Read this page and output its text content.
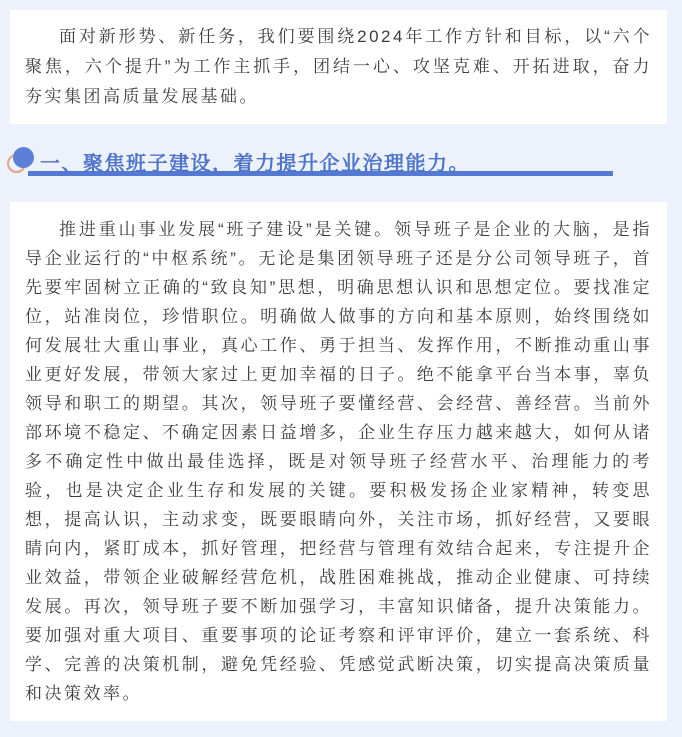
面对新形势、新任务，我们要围绕2024年工作方针和目标，以“六个聚焦，六个提升”为工作主抓手，团结一心、攻坚克难、开拓进取，奋力夯实集团高质量发展基础。

一、聚焦班子建设，着力提升企业治理能力。

推进重山事业发展“班子建设”是关键。领导班子是企业的大脑，是指导企业运行的“中枢系统”。无论是集团领导班子还是分公司领导班子，首先要牢固树立正确的“致良知”思想，明确思想认识和思想定位。要找准定位，站准岗位，珍惜职位。明确做人做事的方向和基本原则，始终围绕如何发展壮大重山事业，真心工作、勇于担当、发挥作用，不断推动重山事业更好发展，带领大家过上更加幸福的日子。绝不能拿平台当本事，辜负领导和职工的期望。其次，领导班子要懂经营、会经营、善经营。当前外部环境不稳定、不确定因素日益增多，企业生存压力越来越大，如何从诸多不确定性中做出最佳选择，既是对领导班子经营水平、治理能力的考验，也是决定企业生存和发展的关键。要积极发扬企业家精神，转变思想，提高认识，主动求变，既要眼睛向外，关注市场，抓好经营，又要眼睛向内，紧盯成本，抓好管理，把经营与管理有效结合起来，专注提升企业效益，带领企业破解经营危机，战胜困难挑战，推动企业健康、可持续发展。再次，领导班子要不断加强学习，丰富知识储备，提升决策能力。要加强对重大项目、重要事项的论证考察和评审评价，建立一套系统、科学、完善的决策机制，避免凭经验、凭感觉武断决策，切实提高决策质量和决策效率。
